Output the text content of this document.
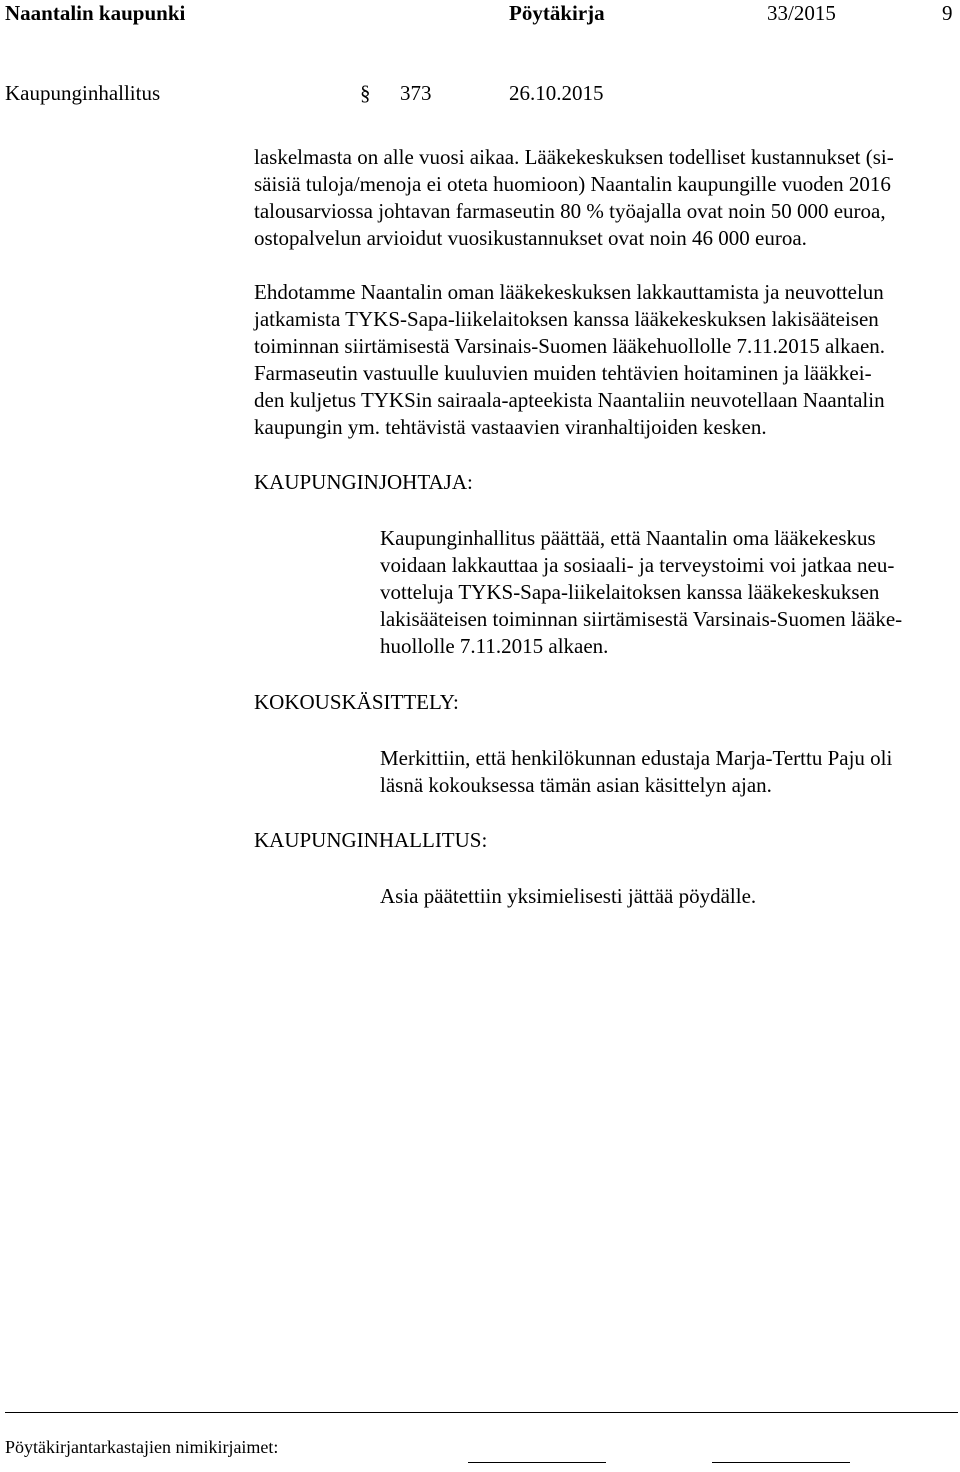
Naantalin kaupunki	Pöytäkirja	33/2015	9
Kaupunginhallitus	§ 373	26.10.2015
laskelmasta on alle vuosi aikaa. Lääkekeskuksen todelliset kustannukset (si-
säisiä tuloja/menoja ei oteta huomioon) Naantalin kaupungille vuoden 2016
talousarviossa johtavan farmaseutin 80 % työajalla ovat noin 50 000 euroa,
ostopalvelun arvioidut vuosikustannukset ovat noin 46 000 euroa.
Ehdotamme Naantalin oman lääkekeskuksen lakkauttamista ja neuvottelun
jatkamista TYKS-Sapa-liikelaitoksen kanssa lääkekeskuksen lakisääteisen
toiminnan siirtämisestä Varsinais-Suomen lääkehuollolle 7.11.2015 alkaen.
Farmaseutin vastuulle kuuluvien muiden tehtävien hoitaminen ja lääkkei-
den kuljetus TYKSin sairaala-apteekista Naantaliin neuvotellaan Naantalin
kaupungin ym. tehtävistä vastaavien viranhaltijoiden kesken.
KAUPUNGINJOHTAJA:
Kaupunginhallitus päättää, että Naantalin oma lääkekeskus
voidaan lakkauttaa ja sosiaali- ja terveystoimi voi jatkaa neu-
votteluja TYKS-Sapa-liikelaitoksen kanssa lääkekeskuksen
lakisääteisen toiminnan siirtämisestä Varsinais-Suomen lääke-
huollolle 7.11.2015 alkaen.
KOKOUSKÄSITTELY:
Merkittiin, että henkilökunnan edustaja Marja-Terttu Paju oli
läsnä kokouksessa tämän asian käsittelyn ajan.
KAUPUNGINHALLITUS:
Asia päätettiin yksimielisesti jättää pöydälle.
Pöytäkirjantarkastajien nimikirjaimet:
